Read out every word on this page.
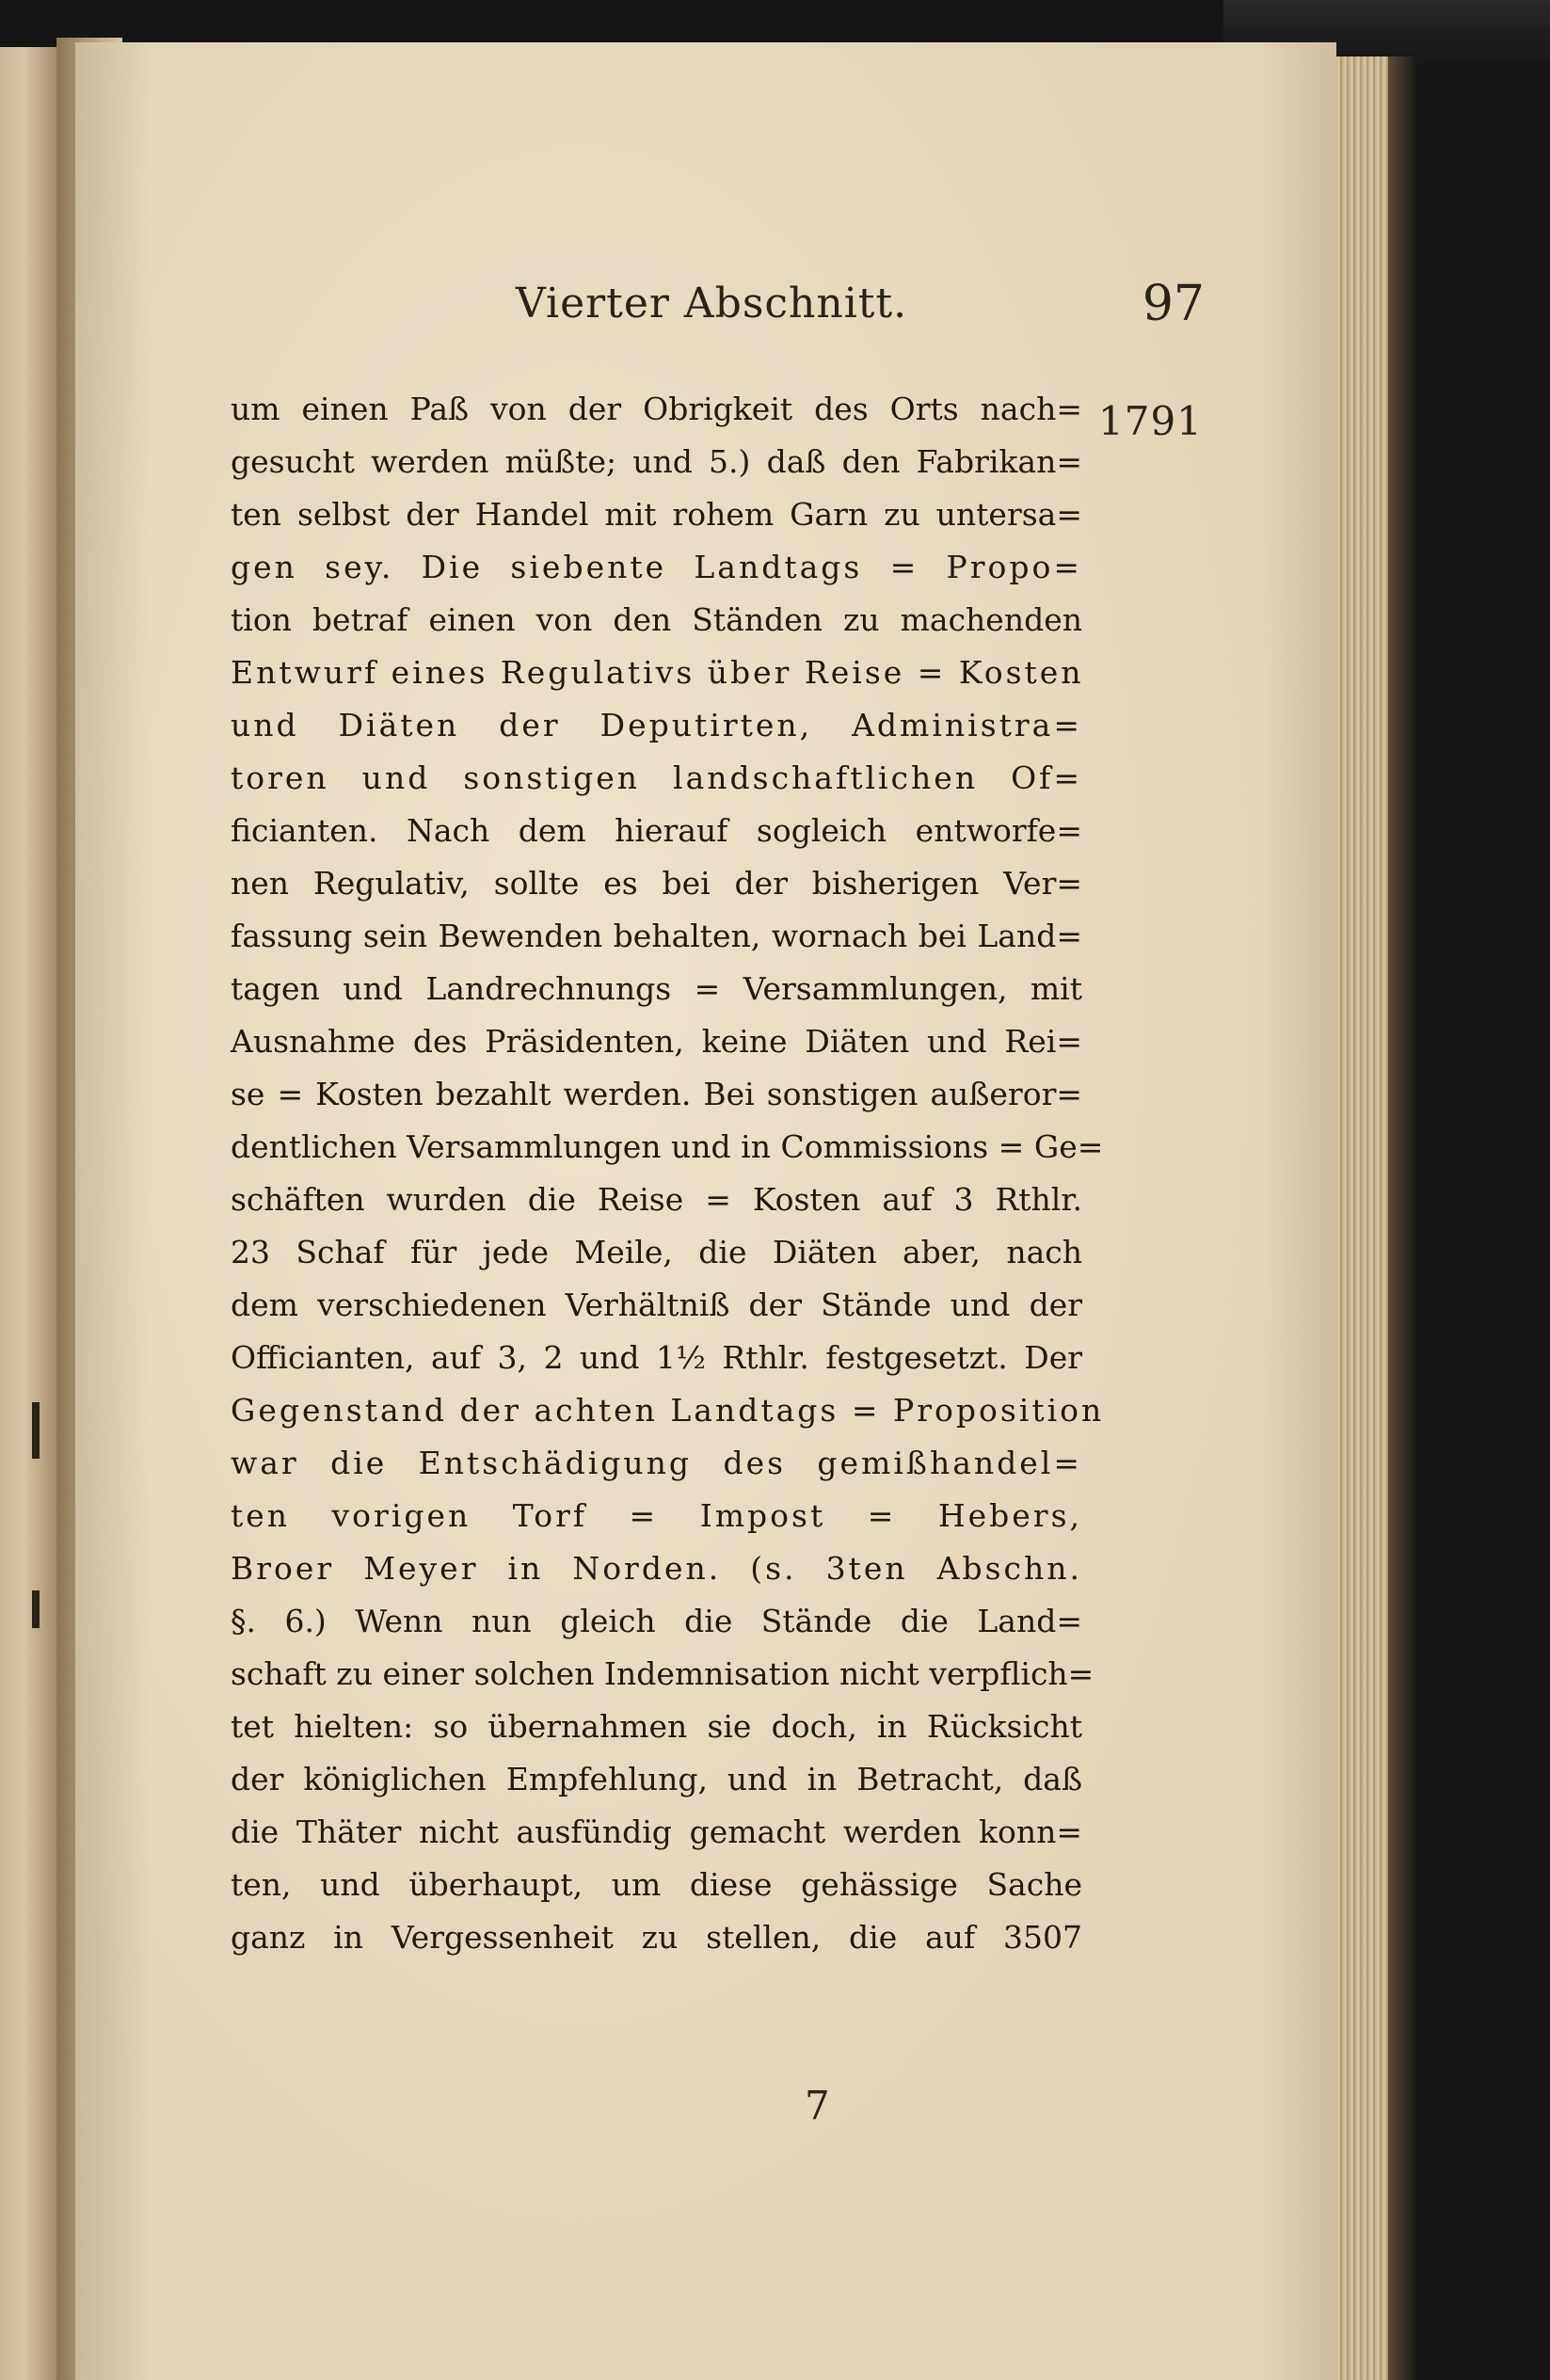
Vierter Abschnitt.	97
1791
um einen Paß von der Obrigkeit des Orts nach=
gesucht werden müßte; und 5.) daß den Fabrikan=
ten selbst der Handel mit rohem Garn zu untersa=
gen sey. Die siebente Landtags = Propo=
tion betraf einen von den Ständen zu machenden
Entwurf eines Regulativs über Reise = Kosten
und Diäten der Deputirten, Administra=
toren und sonstigen landschaftlichen Of=
ficianten. Nach dem hierauf sogleich entworfe=
nen Regulativ, sollte es bei der bisherigen Ver=
fassung sein Bewenden behalten, wornach bei Land=
tagen und Landrechnungs = Versammlungen, mit
Ausnahme des Präsidenten, keine Diäten und Rei=
se = Kosten bezahlt werden. Bei sonstigen außeror=
dentlichen Versammlungen und in Commissions = Ge=
schäften wurden die Reise = Kosten auf 3 Rthlr.
23 Schaf für jede Meile, die Diäten aber, nach
dem verschiedenen Verhältniß der Stände und der
Officianten, auf 3, 2 und 1½ Rthlr. festgesetzt. Der
Gegenstand der achten Landtags = Proposition
war die Entschädigung des gemißhandel=
ten vorigen Torf = Impost = Hebers,
Broer Meyer in Norden. (s. 3ten Abschn.
§. 6.) Wenn nun gleich die Stände die Land=
schaft zu einer solchen Indemnisation nicht verpflich=
tet hielten: so übernahmen sie doch, in Rücksicht
der königlichen Empfehlung, und in Betracht, daß
die Thäter nicht ausfündig gemacht werden konn=
ten, und überhaupt, um diese gehässige Sache
ganz in Vergessenheit zu stellen, die auf 3507
7
